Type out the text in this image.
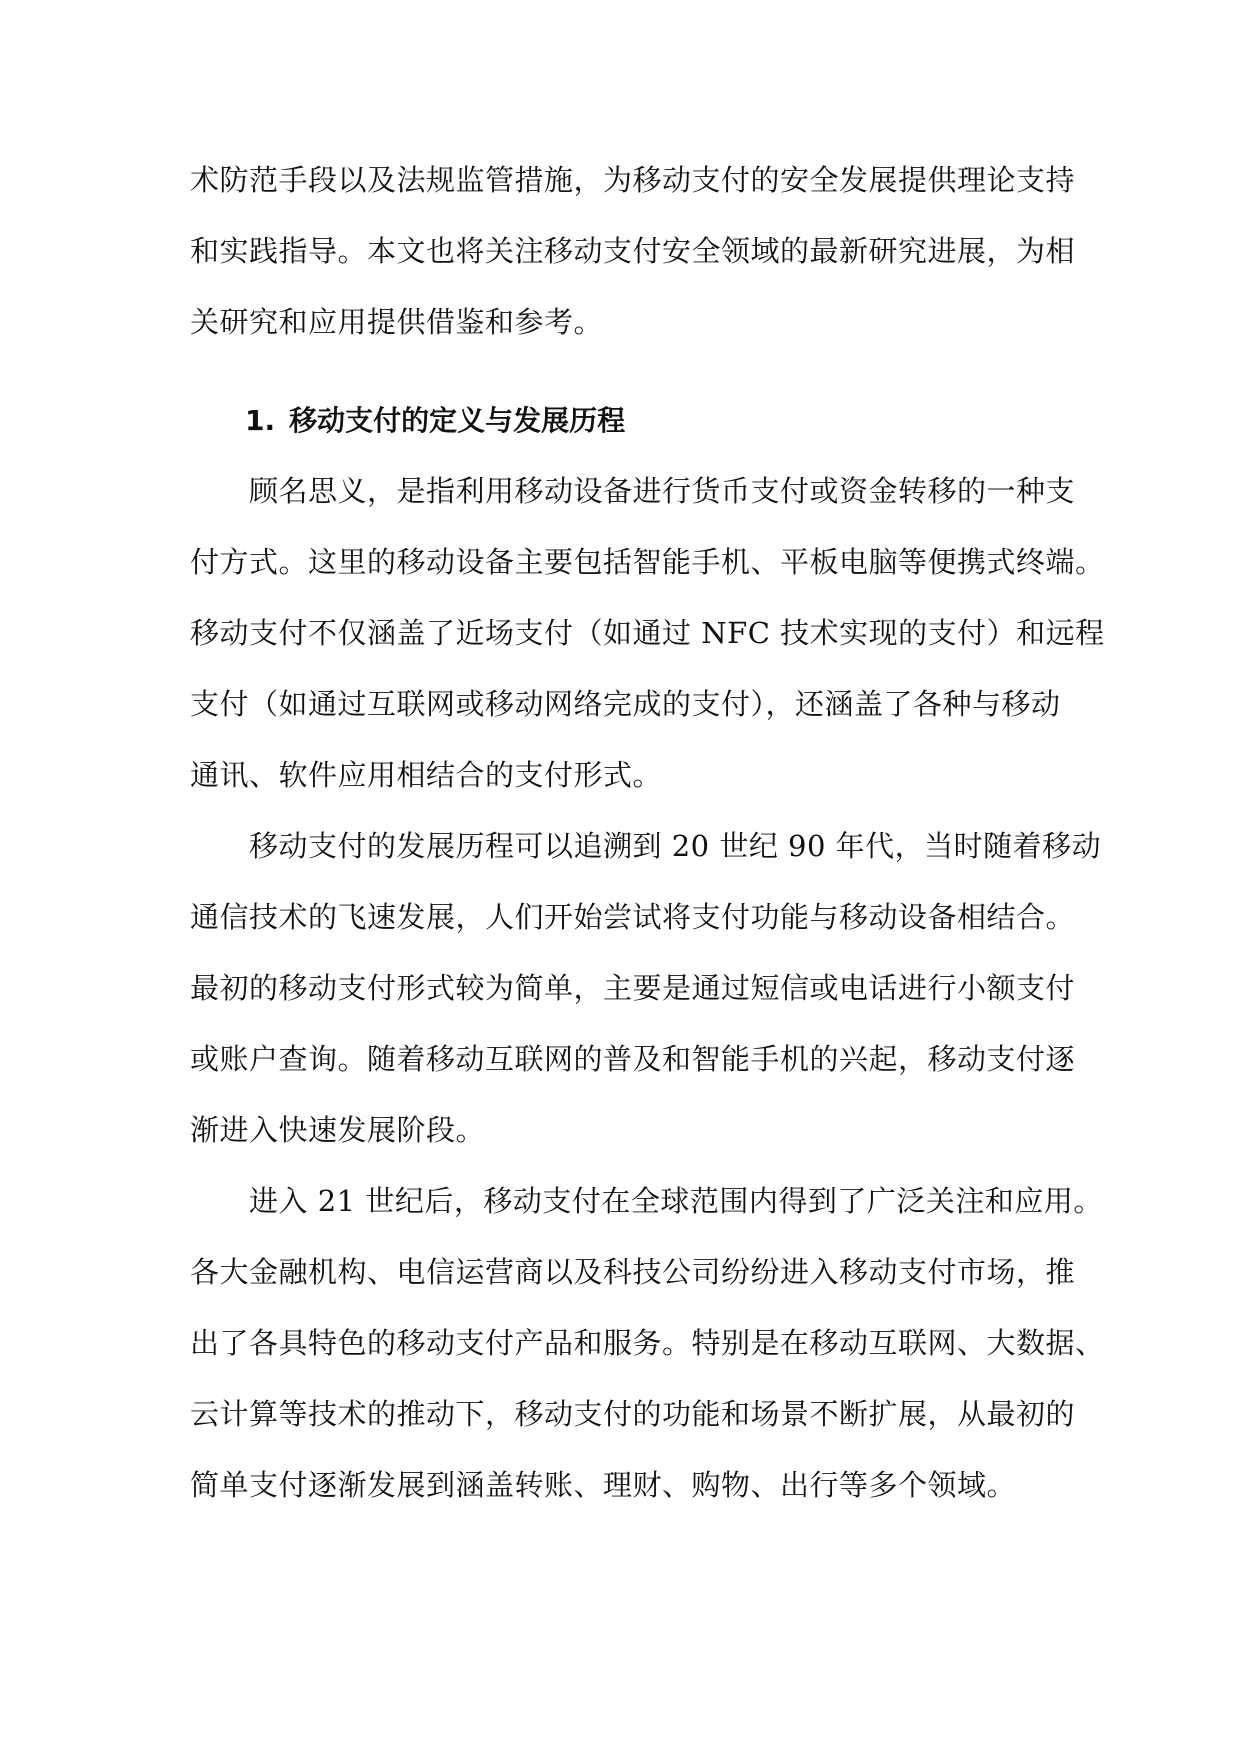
术防范手段以及法规监管措施，为移动支付的安全发展提供理论支持
和实践指导。本文也将关注移动支付安全领域的最新研究进展，为相
关研究和应用提供借鉴和参考。
1. 移动支付的定义与发展历程
顾名思义，是指利用移动设备进行货币支付或资金转移的一种支
付方式。这里的移动设备主要包括智能手机、平板电脑等便携式终端。
移动支付不仅涵盖了近场支付（如通过 NFC 技术实现的支付）和远程
支付（如通过互联网或移动网络完成的支付），还涵盖了各种与移动
通讯、软件应用相结合的支付形式。
移动支付的发展历程可以追溯到 20 世纪 90 年代，当时随着移动
通信技术的飞速发展，人们开始尝试将支付功能与移动设备相结合。
最初的移动支付形式较为简单，主要是通过短信或电话进行小额支付
或账户查询。随着移动互联网的普及和智能手机的兴起，移动支付逐
渐进入快速发展阶段。
进入 21 世纪后，移动支付在全球范围内得到了广泛关注和应用。
各大金融机构、电信运营商以及科技公司纷纷进入移动支付市场，推
出了各具特色的移动支付产品和服务。特别是在移动互联网、大数据、
云计算等技术的推动下，移动支付的功能和场景不断扩展，从最初的
简单支付逐渐发展到涵盖转账、理财、购物、出行等多个领域。
